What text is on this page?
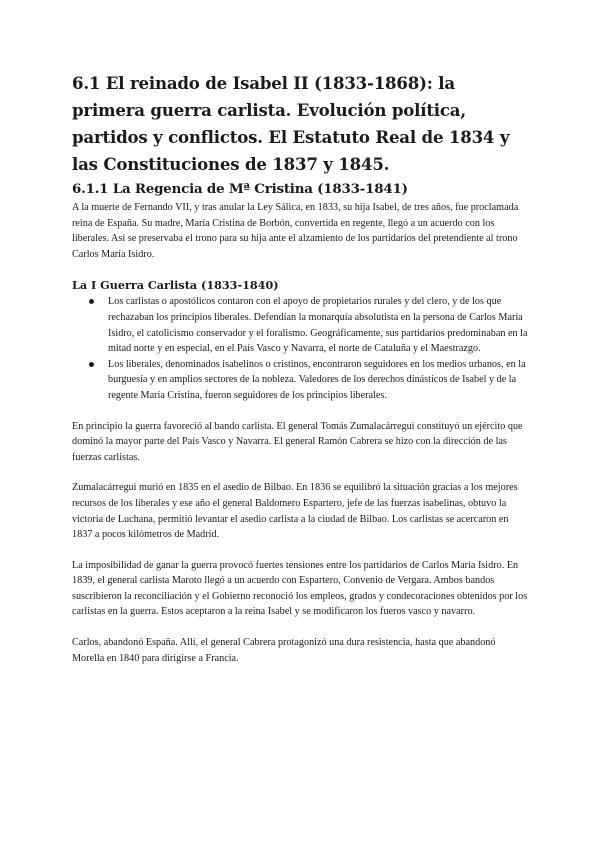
6.1 El reinado de Isabel II (1833-1868): la primera guerra carlista. Evolución política, partidos y conflictos. El Estatuto Real de 1834 y las Constituciones de 1837 y 1845.
6.1.1 La Regencia de Mª Cristina (1833-1841)

A la muerte de Fernando VII, y tras anular la Ley Sálica, en 1833, su hija Isabel, de tres años, fue proclamada reina de España. Su madre, María Cristina de Borbón, convertida en regente, llegó a un acuerdo con los liberales. Así se preservaba el trono para su hija ante el alzamiento de los partidarios del pretendiente al trono Carlos María Isidro.

La I Guerra Carlista (1833-1840)
Los carlistas o apostólicos contaron con el apoyo de propietarios rurales y del clero, y de los que rechazaban los principios liberales. Defendían la monarquía absolutista en la persona de Carlos María Isidro, el catolicismo conservador y el foralismo. Geográficamente, sus partidarios predominaban en la mitad norte y en especial, en el País Vasco y Navarra, el norte de Cataluña y el Maestrazgo.
Los liberales, denominados isabelinos o cristinos, encontraron seguidores en los medios urbanos, en la burguesía y en amplios sectores de la nobleza. Valedores de los derechos dinásticos de Isabel y de la regente María Cristina, fueron seguidores de los principios liberales.

En principio la guerra favoreció al bando carlista. El general Tomás Zumalacárregui constituyó un ejército que dominó la mayor parte del País Vasco y Navarra. El general Ramón Cabrera se hizo con la dirección de las fuerzas carlistas.

Zumalacárregui murió en 1835 en el asedio de Bilbao. En 1836 se equilibró la situación gracias a los mejores recursos de los liberales y ese año el general Baldomero Espartero, jefe de las fuerzas isabelinas, obtuvo la victoria de Luchana, permitió levantar el asedio carlista a la ciudad de Bilbao. Los carlistas se acercaron en 1837 a pocos kilómetros de Madrid.

La imposibilidad de ganar la guerra provocó fuertes tensiones entre los partidarios de Carlos María Isidro. En 1839, el general carlista Maroto llegó a un acuerdo con Espartero, Convenio de Vergara. Ambos bandos suscribieron la reconciliación y el Gobierno reconoció los empleos, grados y condecoraciones obtenidos por los carlistas en la guerra. Estos aceptaron a la reina Isabel y se modificaron los fueros vasco y navarro.

Carlos, abandonó España. Allí, el general Cabrera protagonizó una dura resistencia, hasta que abandonó Morella en 1840 para dirigirse a Francia.
